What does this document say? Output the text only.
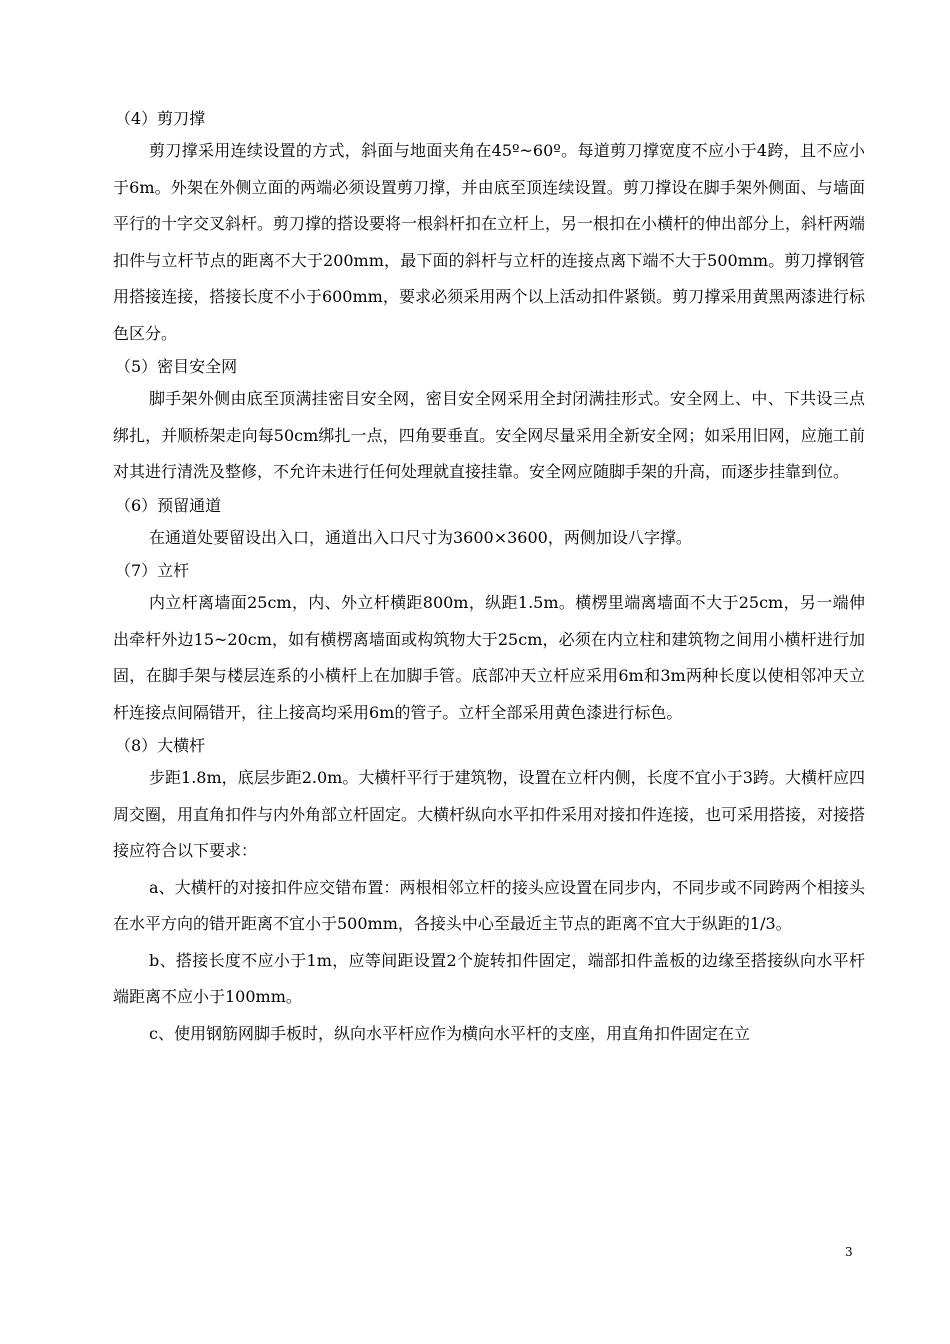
（4）剪刀撑

剪刀撑采用连续设置的方式，斜面与地面夹角在45º~60º。每道剪刀撑宽度不应小于4跨，且不应小于6m。外架在外侧立面的两端必须设置剪刀撑，并由底至顶连续设置。剪刀撑设在脚手架外侧面、与墙面平行的十字交叉斜杆。剪刀撑的搭设要将一根斜杆扣在立杆上，另一根扣在小横杆的伸出部分上，斜杆两端扣件与立杆节点的距离不大于200mm，最下面的斜杆与立杆的连接点离下端不大于500mm。剪刀撑钢管用搭接连接，搭接长度不小于600mm，要求必须采用两个以上活动扣件紧锁。剪刀撑采用黄黑两漆进行标色区分。

（5）密目安全网

脚手架外侧由底至顶满挂密目安全网，密目安全网采用全封闭满挂形式。安全网上、中、下共设三点绑扎，并顺桥架走向每50cm绑扎一点，四角要垂直。安全网尽量采用全新安全网；如采用旧网，应施工前对其进行清洗及整修，不允许未进行任何处理就直接挂靠。安全网应随脚手架的升高，而逐步挂靠到位。

（6）预留通道

在通道处要留设出入口，通道出入口尺寸为3600×3600，两侧加设八字撑。

（7）立杆

内立杆离墙面25cm，内、外立杆横距800m，纵距1.5m。横楞里端离墙面不大于25cm，另一端伸出牵杆外边15~20cm，如有横楞离墙面或构筑物大于25cm，必须在内立柱和建筑物之间用小横杆进行加固，在脚手架与楼层连系的小横杆上在加脚手管。底部冲天立杆应采用6m和3m两种长度以使相邻冲天立杆连接点间隔错开，往上接高均采用6m的管子。立杆全部采用黄色漆进行标色。

（8）大横杆

步距1.8m，底层步距2.0m。大横杆平行于建筑物，设置在立杆内侧，长度不宜小于3跨。大横杆应四周交圈，用直角扣件与内外角部立杆固定。大横杆纵向水平扣件采用对接扣件连接，也可采用搭接，对接搭接应符合以下要求：

a、大横杆的对接扣件应交错布置：两根相邻立杆的接头应设置在同步内，不同步或不同跨两个相接头在水平方向的错开距离不宜小于500mm，各接头中心至最近主节点的距离不宜大于纵距的1/3。

b、搭接长度不应小于1m，应等间距设置2个旋转扣件固定，端部扣件盖板的边缘至搭接纵向水平杆端距离不应小于100mm。

c、使用钢筋网脚手板时，纵向水平杆应作为横向水平杆的支座，用直角扣件固定在立

3
